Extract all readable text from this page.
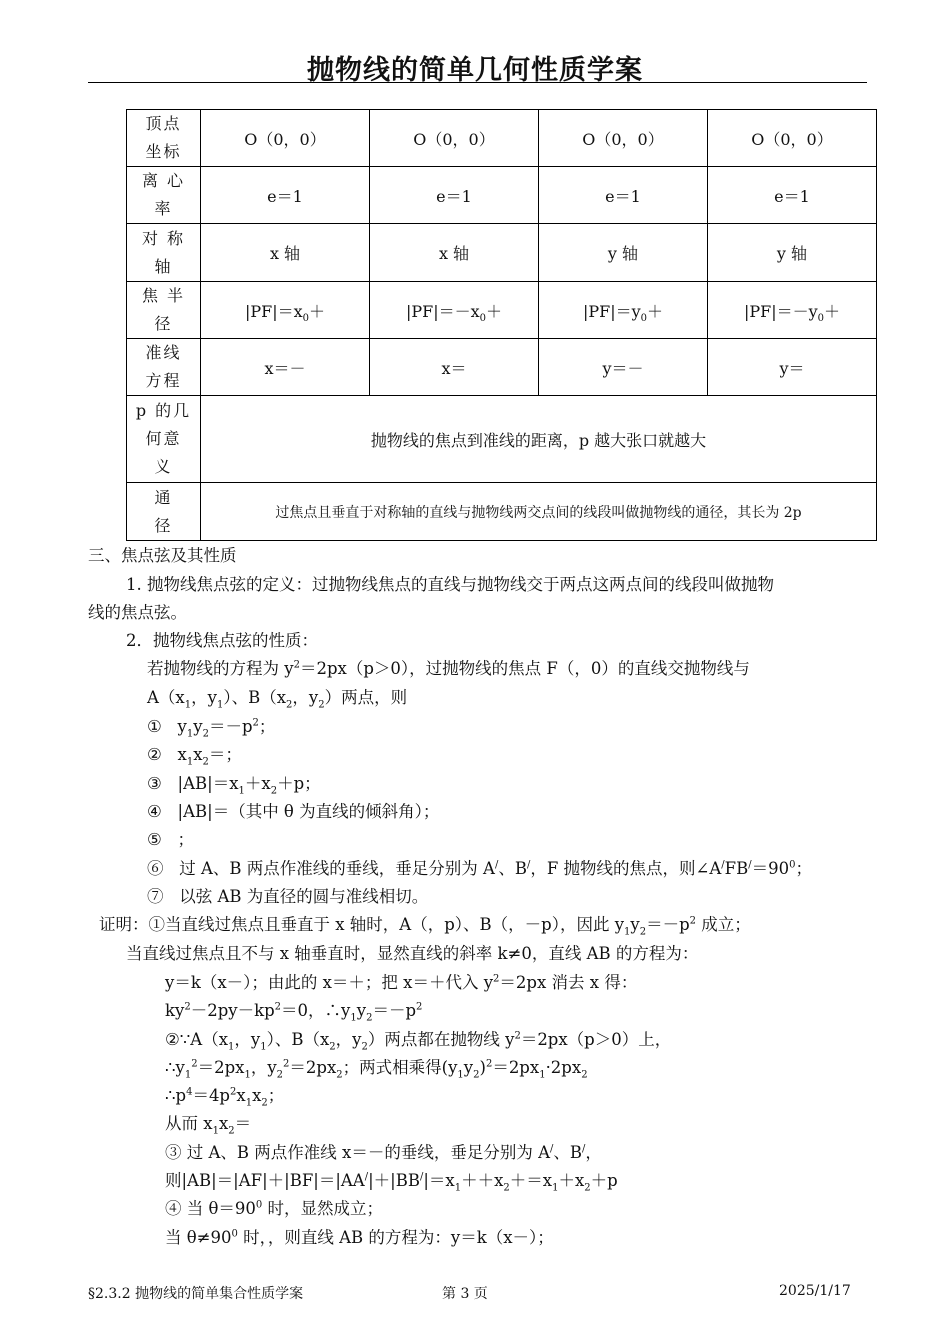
抛物线的简单几何性质学案
顶点
坐标	O（0，0）	O（0，0）	O（0，0）	O（0，0）
离 心
率	e＝1	e＝1	e＝1	e＝1
对 称
轴	x 轴	x 轴	y 轴	y 轴
焦 半
径	$|PF|=x_0+$	$|PF|=-x_0+$	$|PF|=y_0+$	$|PF|=-y_0+$
准线
方程	x＝－	x＝	y＝－	y＝
p 的几
何意
义	抛物线的焦点到准线的距离，p 越大张口就越大			
通
径	过焦点且垂直于对称轴的直线与抛物线两交点间的线段叫做抛物线的通径，其长为 2p			
三、焦点弦及其性质
1. 抛物线焦点弦的定义：过抛物线焦点的直线与抛物线交于两点这两点间的线段叫做抛物
线的焦点弦。
2．抛物线焦点弦的性质：
若抛物线的方程为 $y^2=2px(p>0)$，过抛物线的焦点 F（，0）的直线交抛物线与
$A(x_1$，$y_1$）、$B(x_2$，$y_2$）两点，则
①   $y_1y_2=-p^2$；
②   $x_1x_2=$；
③   $|AB|=x_1+x_2+p$；
④   |AB|＝（其中 θ 为直线的倾斜角）；
⑤   ；
⑥   过 A、B 两点作准线的垂线，垂足分别为 A/、B/，F 抛物线的焦点，则$\angle A^/FB^/=90^0$；
⑦   以弦 AB 为直径的圆与准线相切。
证明：①当直线过焦点且垂直于 x 轴时，A（，p）、B（，－p），因此 $y_1y_2=-p^2$ 成立；
当直线过焦点且不与 x 轴垂直时，显然直线的斜率 k≠0，直线 AB 的方程为：
y＝k（x－）；由此的 x＝＋；把 x＝＋代入 $y^2=2px$ 消去 x 得：
$ky^2-2py-kp^2=0$，$\therefore y_1y_2=-p^2$
$②\because A(x_1$，$y_1$）、$B(x_2$，$y_2$）两点都在抛物线 $y^2=2px(p>0)$上，
$\therefore y_1^2=2px_1$，$y_2^2=2px_2$；两式相乘得$(y_1y_2)^2=2px_1\cdot 2px_2$
$\therefore p^4=4p^2x_1x_2$；
从而 $x_1x_2=$
③ 过 A、B 两点作准线 x＝－的垂线，垂足分别为 A/、B/，
则$|AB|=|AF|+|BF|=|AA^/|+|BB^/|=x_1++x_2+=x_1+x_2+p$
④ 当 $\theta=90^0$ 时，显然成立；
当 $\theta\ne 90^0$ 时，，则直线 AB 的方程为：y＝k（x－）；
§2.3.2 抛物线的简单集合性质学案	第 3 页	2025/1/17
